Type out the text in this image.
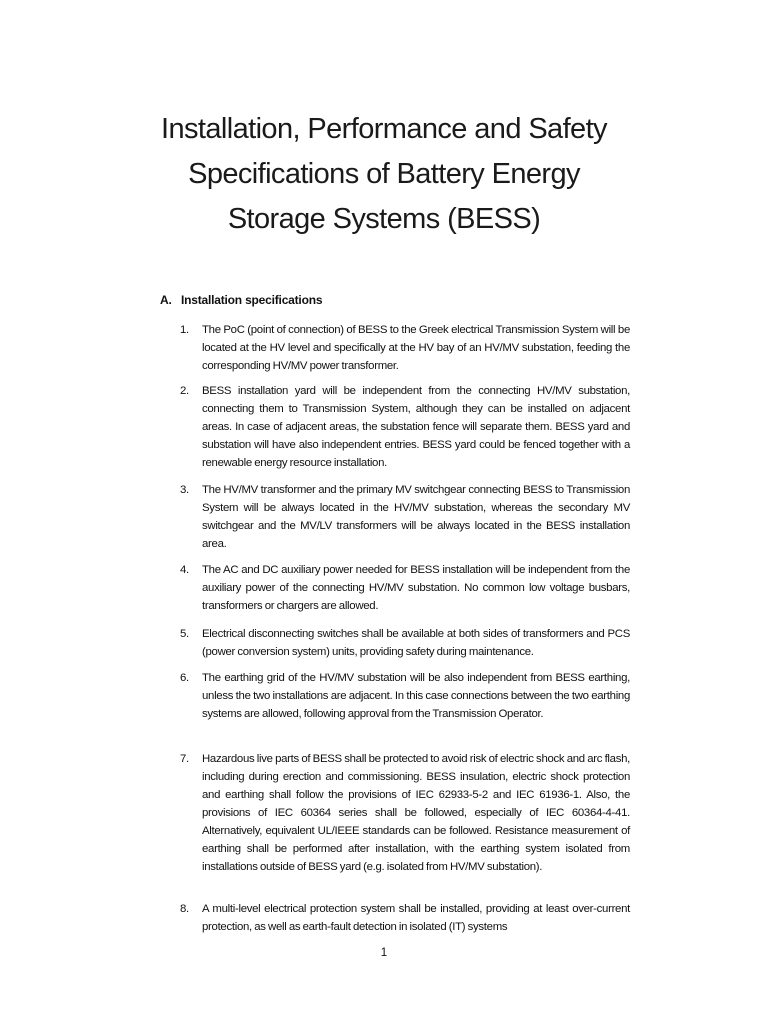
Installation, Performance and Safety
Specifications of Battery Energy
Storage Systems (BESS)
A. Installation specifications
1. The PoC (point of connection) of BESS to the Greek electrical Transmission System will be located at the HV level and specifically at the HV bay of an HV/MV substation, feeding the corresponding HV/MV power transformer.
2. BESS installation yard will be independent from the connecting HV/MV substation, connecting them to Transmission System, although they can be installed on adjacent areas. In case of adjacent areas, the substation fence will separate them. BESS yard and substation will have also independent entries. BESS yard could be fenced together with a renewable energy resource installation.
3. The HV/MV transformer and the primary MV switchgear connecting BESS to Transmission System will be always located in the HV/MV substation, whereas the secondary MV switchgear and the MV/LV transformers will be always located in the BESS installation area.
4. The AC and DC auxiliary power needed for BESS installation will be independent from the auxiliary power of the connecting HV/MV substation. No common low voltage busbars, transformers or chargers are allowed.
5. Electrical disconnecting switches shall be available at both sides of transformers and PCS (power conversion system) units, providing safety during maintenance.
6. The earthing grid of the HV/MV substation will be also independent from BESS earthing, unless the two installations are adjacent. In this case connections between the two earthing systems are allowed, following approval from the Transmission Operator.
7. Hazardous live parts of BESS shall be protected to avoid risk of electric shock and arc flash, including during erection and commissioning. BESS insulation, electric shock protection and earthing shall follow the provisions of IEC 62933-5-2 and IEC 61936-1. Also, the provisions of IEC 60364 series shall be followed, especially of IEC 60364-4-41. Alternatively, equivalent UL/IEEE standards can be followed. Resistance measurement of earthing shall be performed after installation, with the earthing system isolated from installations outside of BESS yard (e.g. isolated from HV/MV substation).
8. A multi-level electrical protection system shall be installed, providing at least over-current protection, as well as earth-fault detection in isolated (IT) systems
1
